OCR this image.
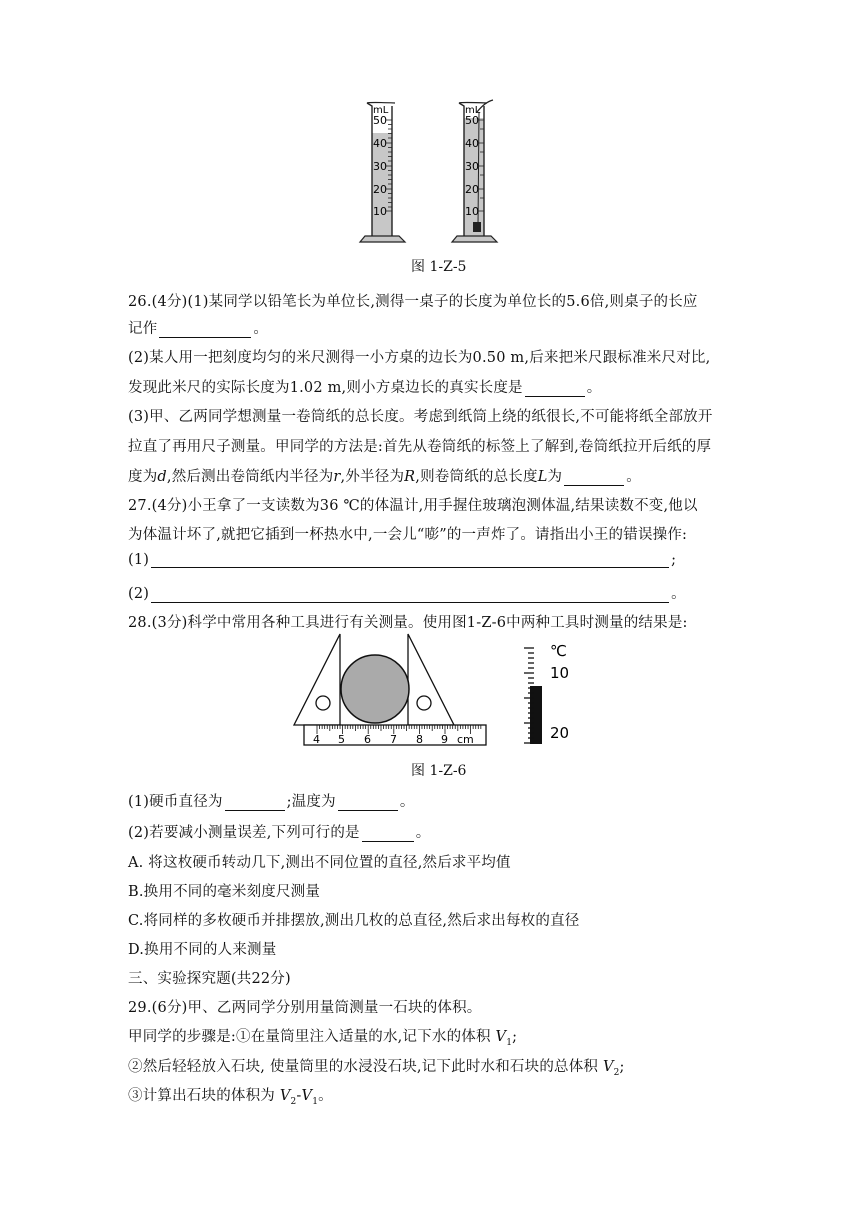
mL
50
40
30
20
10
mL
50
40
30
20
10
图 1-Z-5
26.(4分)(1)某同学以铅笔长为单位长,测得一桌子的长度为单位长的5.6倍,则桌子的长应
记作	。
(2)某人用一把刻度均匀的米尺测得一小方桌的边长为0.50 m,后来把米尺跟标准米尺对比,
发现此米尺的实际长度为1.02 m,则小方桌边长的真实长度是	。
(3)甲、乙两同学想测量一卷筒纸的总长度。考虑到纸筒上绕的纸很长,不可能将纸全部放开
拉直了再用尺子测量。甲同学的方法是:首先从卷筒纸的标签上了解到,卷筒纸拉开后纸的厚
度为d,然后测出卷筒纸内半径为r,外半径为R,则卷筒纸的总长度L为	。
27.(4分)小王拿了一支读数为36 ℃的体温计,用手握住玻璃泡测体温,结果读数不变,他以
为体温计坏了,就把它插到一杯热水中,一会儿“嘭”的一声炸了。请指出小王的错误操作:
(1)	;
(2)	。
28.(3分)科学中常用各种工具进行有关测量。使用图1-Z-6中两种工具时测量的结果是:
4 5 6 7 8 9 cm
℃
10
20
图 1-Z-6
(1)硬币直径为	;温度为	。
(2)若要减小测量误差,下列可行的是	。
A. 将这枚硬币转动几下,测出不同位置的直径,然后求平均值
B.换用不同的毫米刻度尺测量
C.将同样的多枚硬币并排摆放,测出几枚的总直径,然后求出每枚的直径
D.换用不同的人来测量
三、实验探究题(共22分)
29.(6分)甲、乙两同学分别用量筒测量一石块的体积。
甲同学的步骤是:①在量筒里注入适量的水,记下水的体积 $V_1$;
②然后轻轻放入石块, 使量筒里的水浸没石块,记下此时水和石块的总体积 $V_2$;
③计算出石块的体积为 $V_2-V_1$。
